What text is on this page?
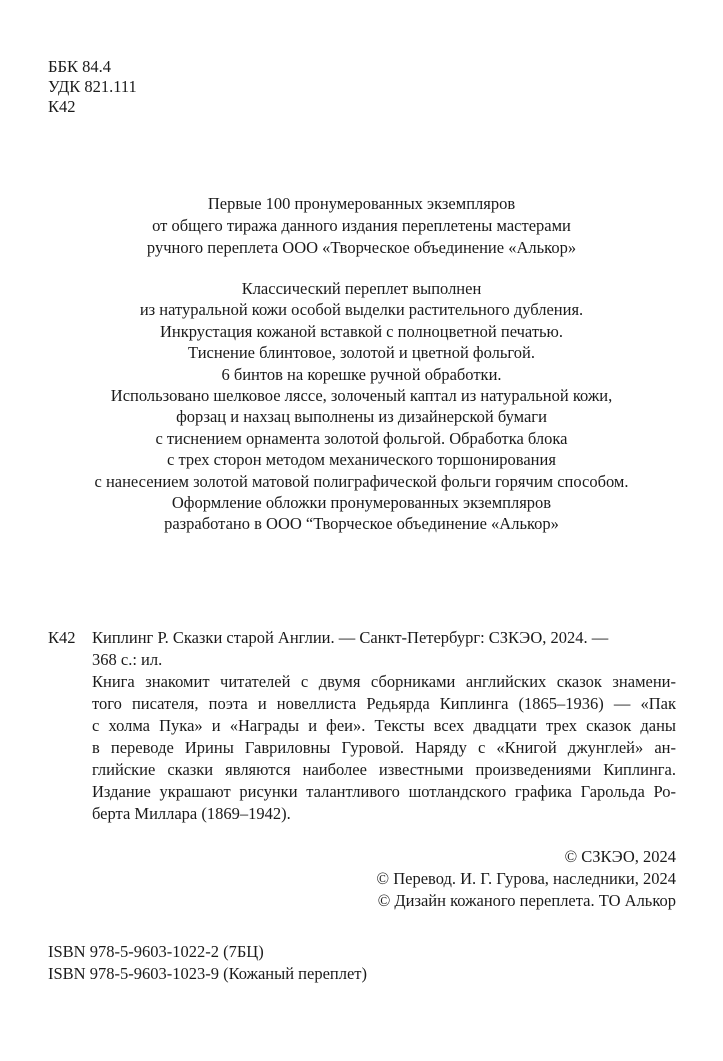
ББК 84.4
УДК 821.111
К42
Первые 100 пронумерованных экземпляров
от общего тиража данного издания переплетены мастерами
ручного переплета ООО «Творческое объединение «Алькор»
Классический переплет выполнен
из натуральной кожи особой выделки растительного дубления.
Инкрустация кожаной вставкой с полноцветной печатью.
Тиснение блинтовое, золотой и цветной фольгой.
6 бинтов на корешке ручной обработки.
Использовано шелковое ляссе, золоченый каптал из натуральной кожи,
форзац и нахзац выполнены из дизайнерской бумаги
с тиснением орнамента золотой фольгой. Обработка блока
с трех сторон методом механического торшонирования
с нанесением золотой матовой полиграфической фольги горячим способом.
Оформление обложки пронумерованных экземпляров
разработано в ООО “Творческое объединение «Алькор»
К42 Киплинг Р. Сказки старой Англии. — Санкт-Петербург: СЗКЭО, 2024. —
368 с.: ил.
Книга знакомит читателей с двумя сборниками английских сказок знамени-
того писателя, поэта и новеллиста Редьярда Киплинга (1865–1936) — «Пак
с холма Пука» и «Награды и феи». Тексты всех двадцати трех сказок даны
в переводе Ирины Гавриловны Гуровой. Наряду с «Книгой джунглей» ан-
глийские сказки являются наиболее известными произведениями Киплинга.
Издание украшают рисунки талантливого шотландского графика Гарольда Ро-
берта Миллара (1869–1942).
© СЗКЭО, 2024
© Перевод. И. Г. Гурова, наследники, 2024
© Дизайн кожаного переплета. ТО Алькор
ISBN 978-5-9603-1022-2 (7БЦ)
ISBN 978-5-9603-1023-9 (Кожаный переплет)
